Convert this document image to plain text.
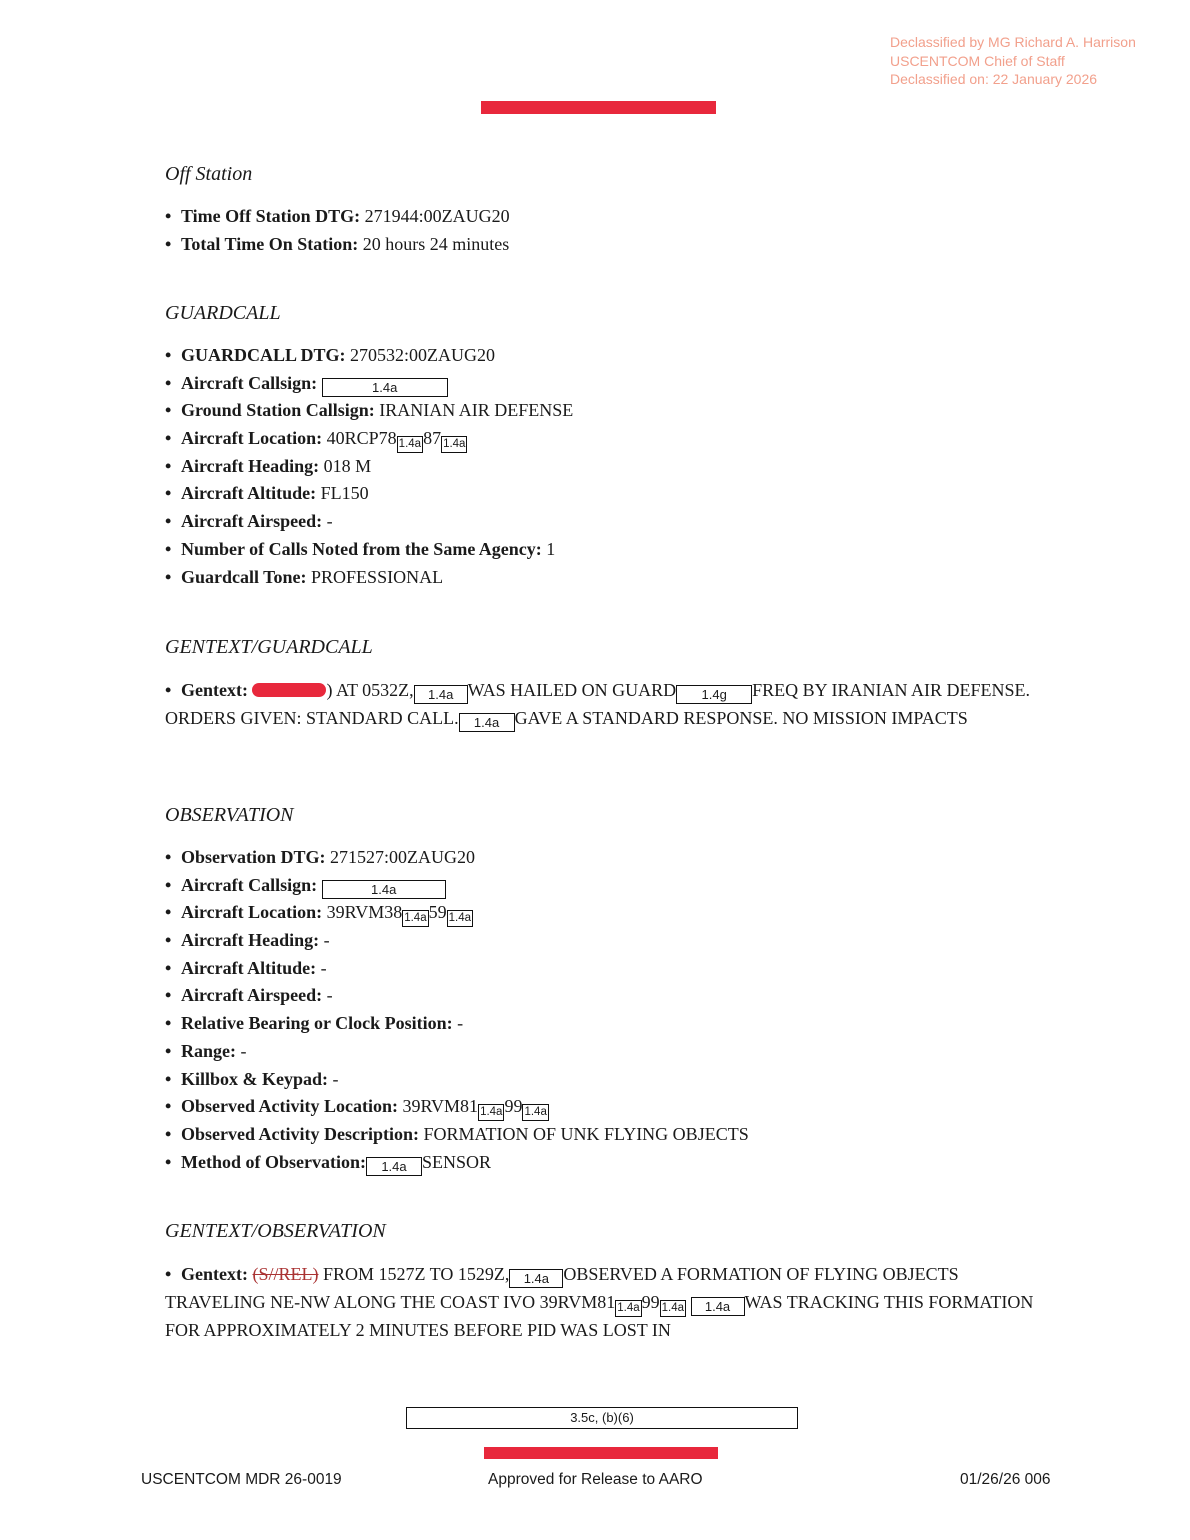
Declassified by MG Richard A. Harrison
USCENTCOM Chief of Staff
Declassified on: 22 January 2026
Off Station
• Time Off Station DTG: 271944:00ZAUG20
• Total Time On Station: 20 hours 24 minutes
GUARDCALL
• GUARDCALL DTG: 270532:00ZAUG20
• Aircraft Callsign:	1.4a
• Ground Station Callsign: IRANIAN AIR DEFENSE
• Aircraft Location: 40RCP78 1.4a 87 1.4a
• Aircraft Heading: 018 M
• Aircraft Altitude: FL150
• Aircraft Airspeed: -
• Number of Calls Noted from the Same Agency: 1
• Guardcall Tone: PROFESSIONAL
GENTEXT/GUARDCALL
• Gentext:	) AT 0532Z, 1.4a WAS HAILED ON GUARD 1.4g FREQ BY IRANIAN AIR DEFENSE. ORDERS GIVEN: STANDARD CALL. 1.4a GAVE A STANDARD RESPONSE. NO MISSION IMPACTS
OBSERVATION
• Observation DTG: 271527:00ZAUG20
• Aircraft Callsign:	1.4a
• Aircraft Location: 39RVM38 1.4a 59 1.4a
• Aircraft Heading: -
• Aircraft Altitude: -
• Aircraft Airspeed: -
• Relative Bearing or Clock Position: -
• Range: -
• Killbox & Keypad: -
• Observed Activity Location: 39RVM81 1.4a 99 1.4a
• Observed Activity Description: FORMATION OF UNK FLYING OBJECTS
• Method of Observation: 1.4a SENSOR
GENTEXT/OBSERVATION
• Gentext: (S//REL) FROM 1527Z TO 1529Z, 1.4a OBSERVED A FORMATION OF FLYING OBJECTS TRAVELING NE-NW ALONG THE COAST IVO 39RVM81 1.4a 99 1.4a 1.4a WAS TRACKING THIS FORMATION FOR APPROXIMATELY 2 MINUTES BEFORE PID WAS LOST IN
3.5c, (b)(6)
USCENTCOM MDR 26-0019	Approved for Release to AARO	01/26/26 006
